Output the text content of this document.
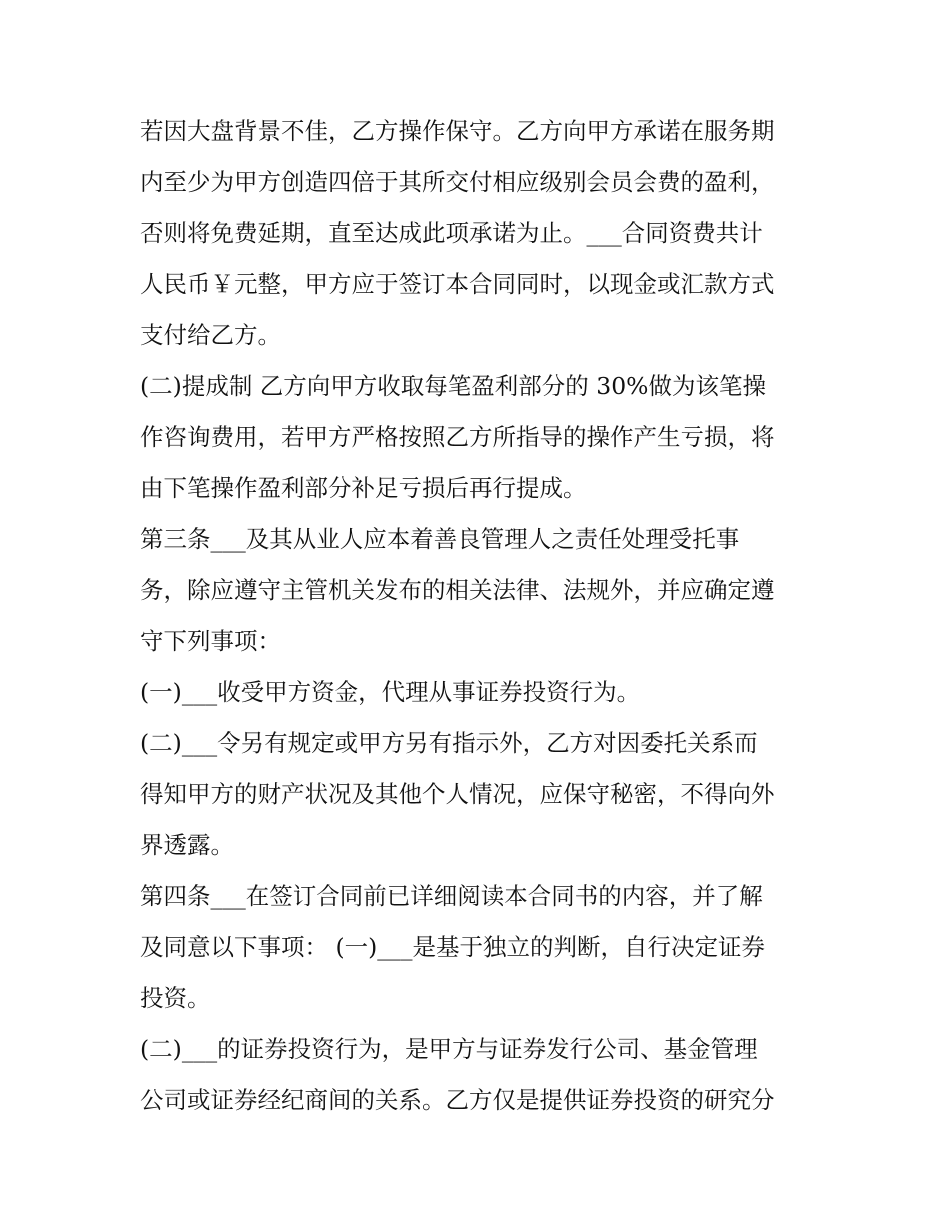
若因大盘背景不佳，乙方操作保守。乙方向甲方承诺在服务期
内至少为甲方创造四倍于其所交付相应级别会员会费的盈利，
否则将免费延期，直至达成此项承诺为止。___合同资费共计
人民币￥元整，甲方应于签订本合同同时，以现金或汇款方式
支付给乙方。
(二)提成制 乙方向甲方收取每笔盈利部分的 30%做为该笔操
作咨询费用，若甲方严格按照乙方所指导的操作产生亏损，将
由下笔操作盈利部分补足亏损后再行提成。
第三条___及其从业人应本着善良管理人之责任处理受托事
务，除应遵守主管机关发布的相关法律、法规外，并应确定遵
守下列事项：
(一)___收受甲方资金，代理从事证券投资行为。
(二)___令另有规定或甲方另有指示外，乙方对因委托关系而
得知甲方的财产状况及其他个人情况，应保守秘密，不得向外
界透露。
第四条___在签订合同前已详细阅读本合同书的内容，并了解
及同意以下事项： (一)___是基于独立的判断，自行决定证券
投资。
(二)___的证券投资行为，是甲方与证券发行公司、基金管理
公司或证券经纪商间的关系。乙方仅是提供证券投资的研究分
